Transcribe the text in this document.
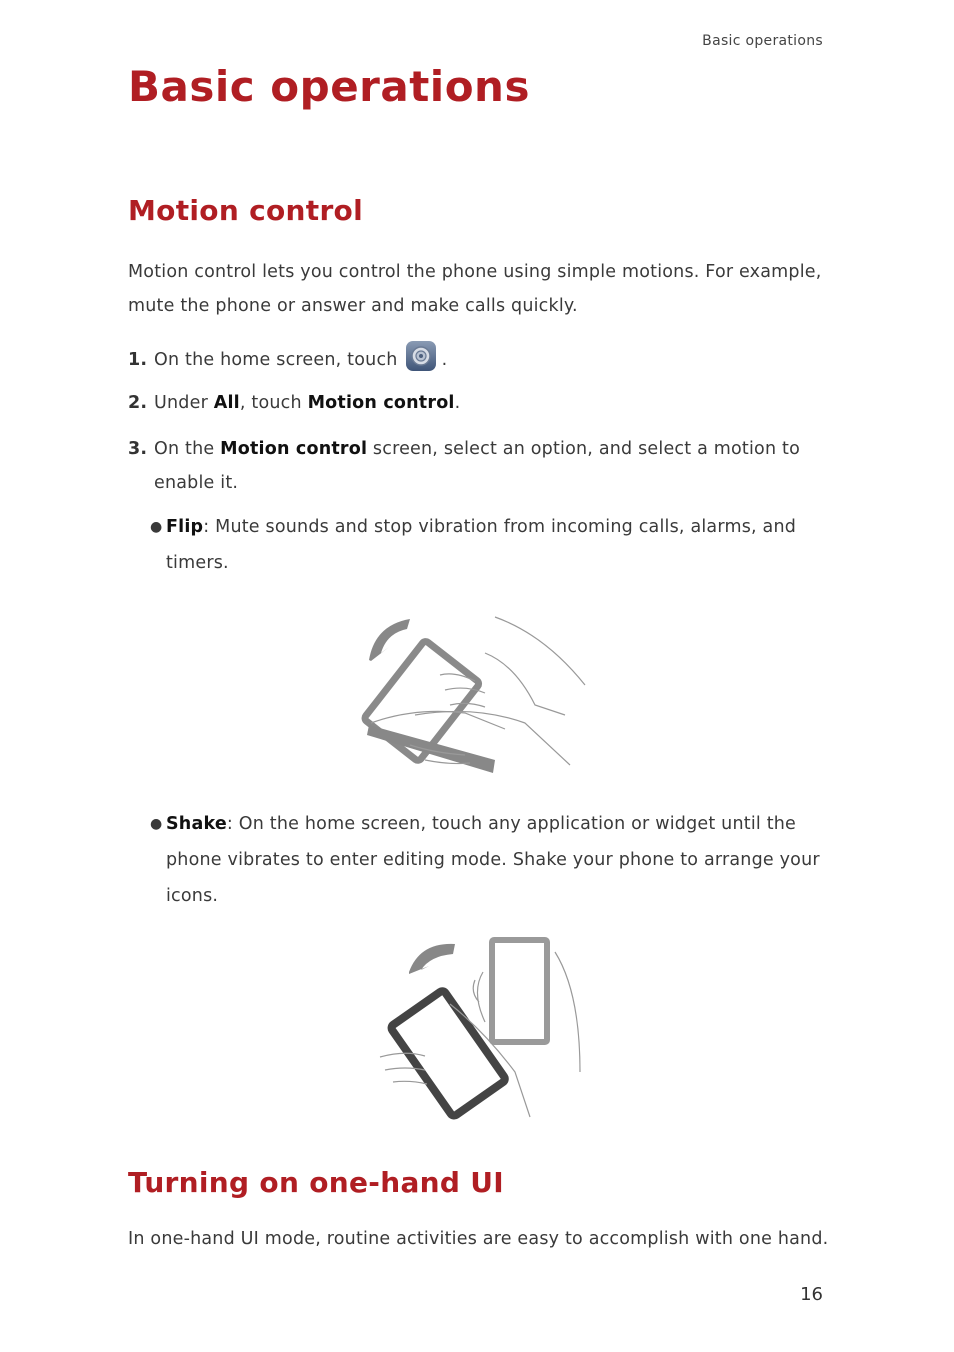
Basic operations
Basic operations
Motion control
Motion control lets you control the phone using simple motions. For example,
mute the phone or answer and make calls quickly.
1. On the home screen, touch	.
2. Under All, touch Motion control.
3. On the Motion control screen, select an option, and select a motion to
enable it.
● Flip: Mute sounds and stop vibration from incoming calls, alarms, and
timers.
● Shake: On the home screen, touch any application or widget until the
phone vibrates to enter editing mode. Shake your phone to arrange your
icons.
Turning on one-hand UI
In one-hand UI mode, routine activities are easy to accomplish with one hand.
16
